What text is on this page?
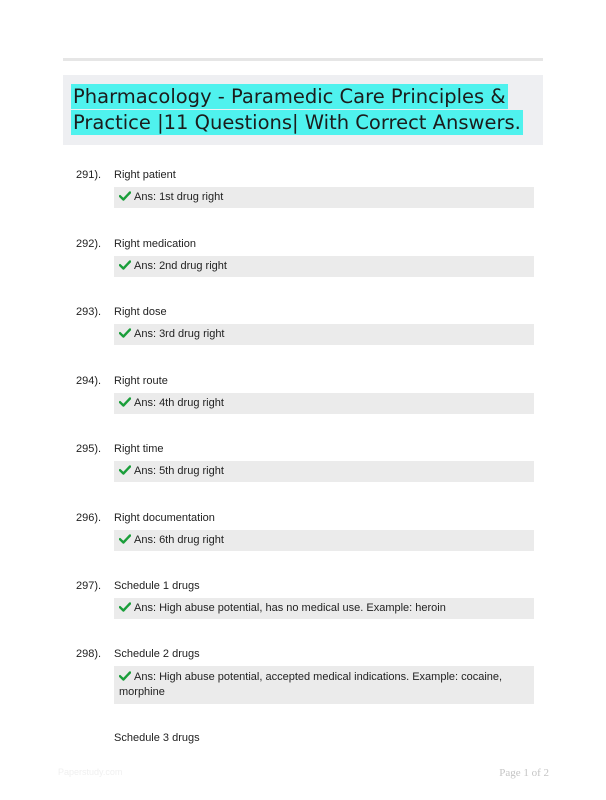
Pharmacology - Paramedic Care Principles & Practice |11 Questions| With Correct Answers.
291). Right patient
Ans: 1st drug right
292). Right medication
Ans: 2nd drug right
293). Right dose
Ans: 3rd drug right
294). Right route
Ans: 4th drug right
295). Right time
Ans: 5th drug right
296). Right documentation
Ans: 6th drug right
297). Schedule 1 drugs
Ans: High abuse potential, has no medical use. Example: heroin
298). Schedule 2 drugs
Ans: High abuse potential, accepted medical indications. Example: cocaine, morphine
Schedule 3 drugs
Paperstudy.com	Page 1 of 2
